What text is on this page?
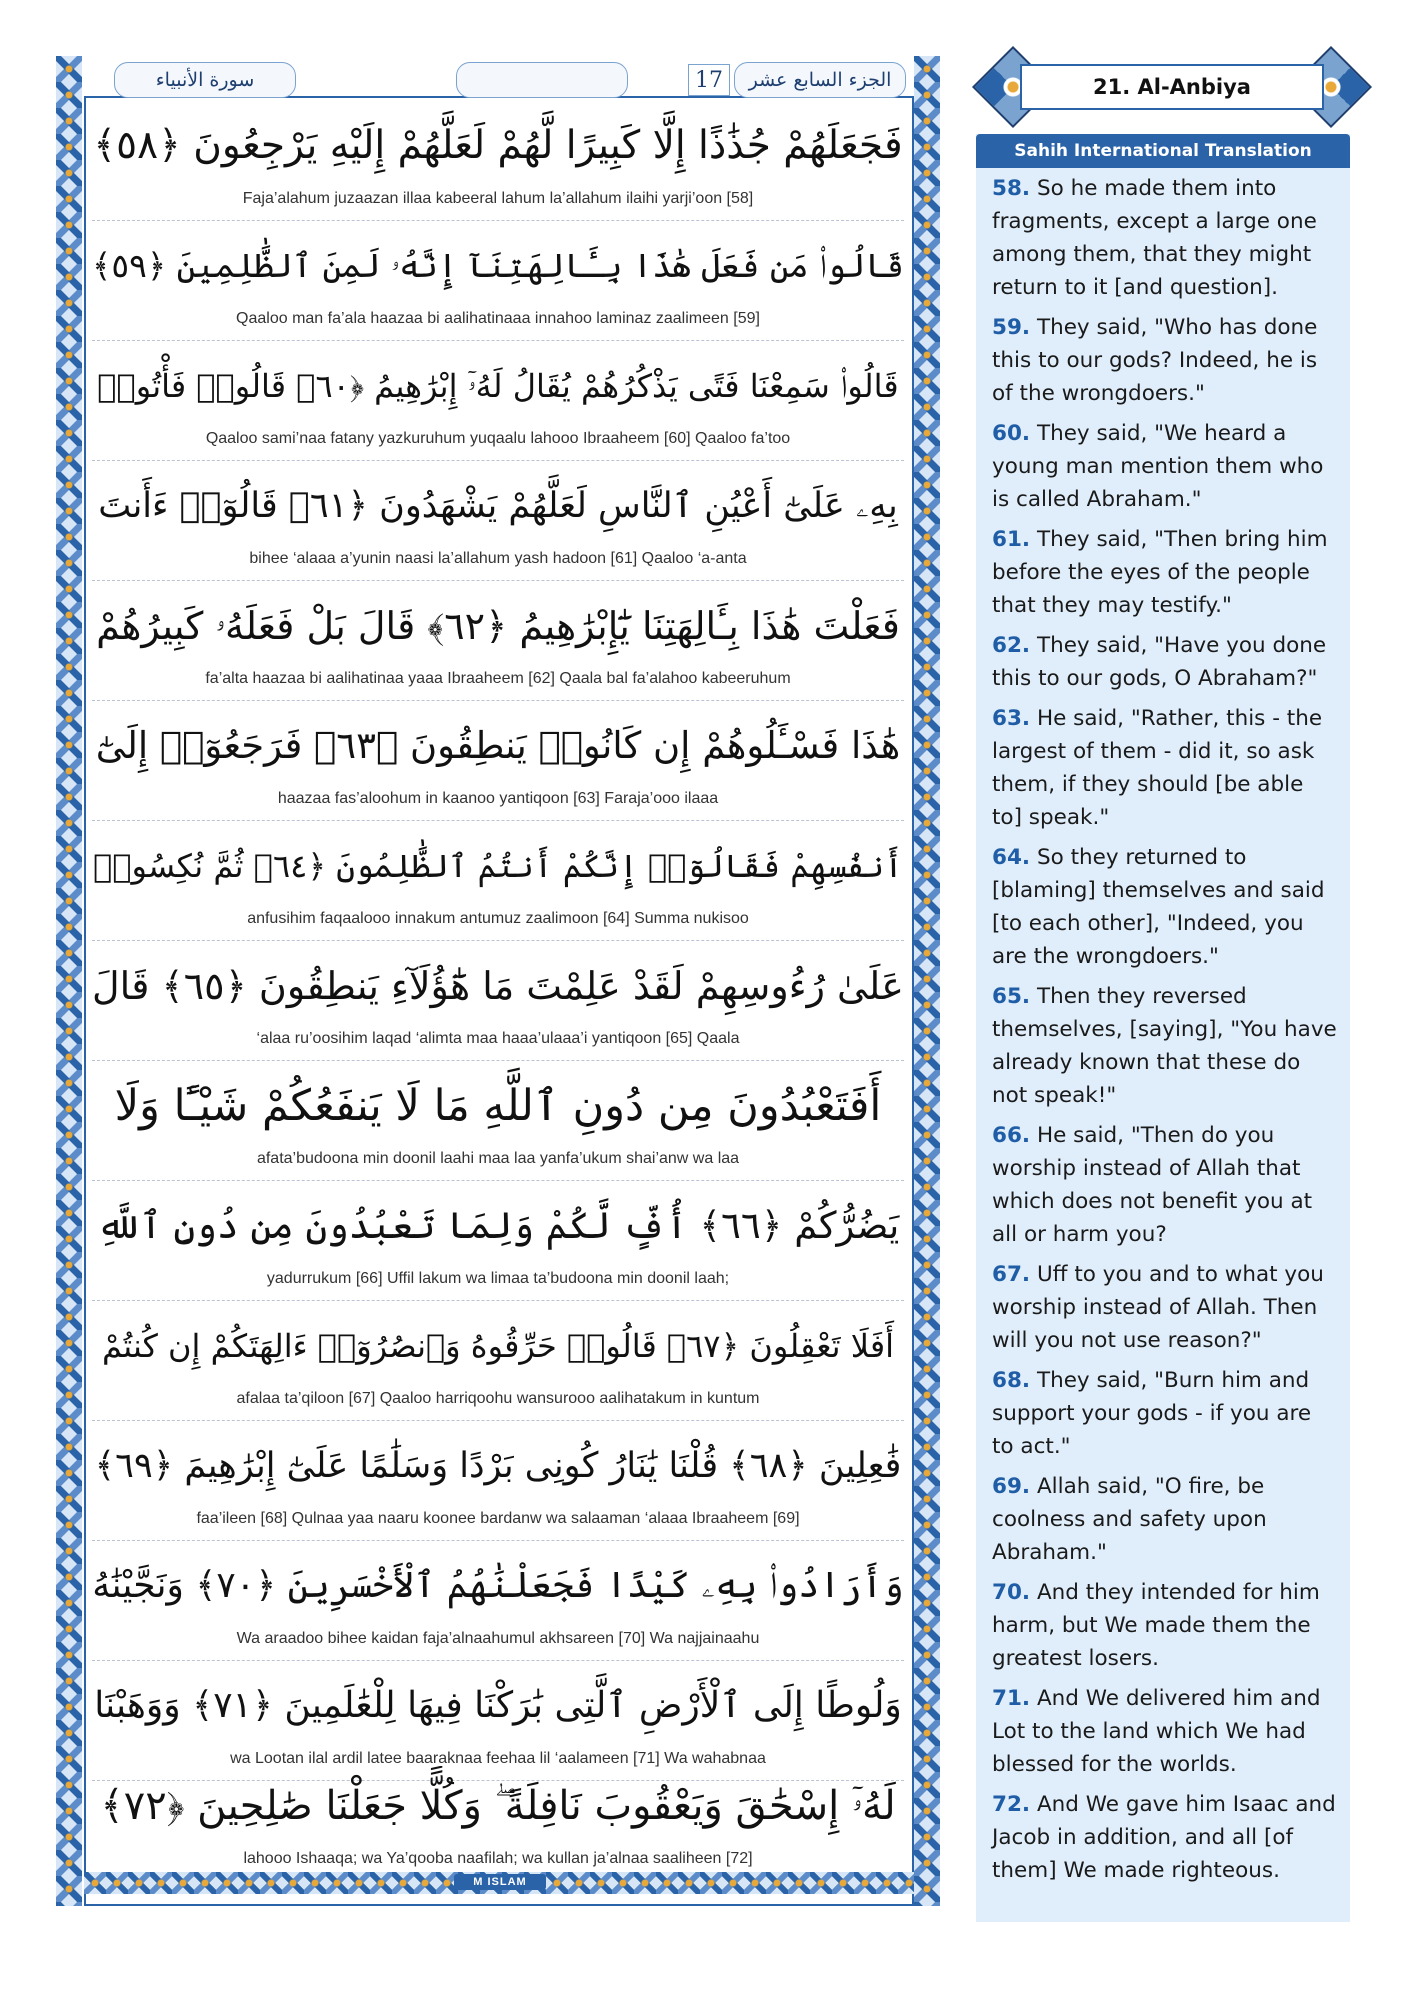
سورة الأنبياء	17	الجزء السابع عشر
فَجَعَلَهُمْ جُذَٰذًا إِلَّا كَبِيرًا لَّهُمْ لَعَلَّهُمْ إِلَيْهِ يَرْجِعُونَ ﴿٥٨﴾
Faja’alahum juzaazan illaa kabeeral lahum la’allahum ilaihi yarji’oon [58]
قَالُوا۟ مَن فَعَلَ هَٰذَا بِـَٔالِهَتِنَآ إِنَّهُۥ لَمِنَ ٱلظَّٰلِمِينَ ﴿٥٩﴾
Qaaloo man fa’ala haazaa bi aalihatinaaa innahoo laminaz zaalimeen [59]
قَالُوا۟ سَمِعْنَا فَتًى يَذْكُرُهُمْ يُقَالُ لَهُۥٓ إِبْرَٰهِيمُ ﴿٦٠﴾ قَالُوا۟ فَأْتُوا۟
Qaaloo sami’naa fatany yazkuruhum yuqaalu lahooo Ibraaheem [60] Qaaloo fa’too
بِهِۦ عَلَىٰٓ أَعْيُنِ ٱلنَّاسِ لَعَلَّهُمْ يَشْهَدُونَ ﴿٦١﴾ قَالُوٓا۟ ءَأَنتَ
bihee ‘alaaa a’yunin naasi la’allahum yash hadoon [61] Qaaloo ‘a-anta
فَعَلْتَ هَٰذَا بِـَٔالِهَتِنَا يَٰٓإِبْرَٰهِيمُ ﴿٦٢﴾ قَالَ بَلْ فَعَلَهُۥ كَبِيرُهُمْ
fa’alta haazaa bi aalihatinaa yaaa Ibraaheem [62] Qaala bal fa’alahoo kabeeruhum
هَٰذَا فَسْـَٔلُوهُمْ إِن كَانُوا۟ يَنطِقُونَ ﴿٦٣﴾ فَرَجَعُوٓا۟ إِلَىٰٓ
haazaa fas’aloohum in kaanoo yantiqoon [63] Faraja’ooo ilaaa
أَنفُسِهِمْ فَقَالُوٓا۟ إِنَّكُمْ أَنتُمُ ٱلظَّٰلِمُونَ ﴿٦٤﴾ ثُمَّ نُكِسُوا۟
anfusihim faqaalooo innakum antumuz zaalimoon [64] Summa nukisoo
عَلَىٰ رُءُوسِهِمْ لَقَدْ عَلِمْتَ مَا هَٰٓؤُلَآءِ يَنطِقُونَ ﴿٦٥﴾ قَالَ
‘alaa ru’oosihim laqad ‘alimta maa haaa’ulaaa’i yantiqoon [65] Qaala
أَفَتَعْبُدُونَ مِن دُونِ ٱللَّهِ مَا لَا يَنفَعُكُمْ شَيْـًٔا وَلَا
afata’budoona min doonil laahi maa laa yanfa’ukum shai’anw wa laa
يَضُرُّكُمْ ﴿٦٦﴾ أُفٍّ لَّكُمْ وَلِمَا تَعْبُدُونَ مِن دُونِ ٱللَّهِ
yadurrukum [66] Uffil lakum wa limaa ta’budoona min doonil laah;
أَفَلَا تَعْقِلُونَ ﴿٦٧﴾ قَالُوا۟ حَرِّقُوهُ وَٱنصُرُوٓا۟ ءَالِهَتَكُمْ إِن كُنتُمْ
afalaa ta’qiloon [67] Qaaloo harriqoohu wansurooo aalihatakum in kuntum
فَٰعِلِينَ ﴿٦٨﴾ قُلْنَا يَٰنَارُ كُونِى بَرْدًا وَسَلَٰمًا عَلَىٰٓ إِبْرَٰهِيمَ ﴿٦٩﴾
faa’ileen [68] Qulnaa yaa naaru koonee bardanw wa salaaman ‘alaaa Ibraaheem [69]
وَأَرَادُوا۟ بِهِۦ كَيْدًا فَجَعَلْنَٰهُمُ ٱلْأَخْسَرِينَ ﴿٧٠﴾ وَنَجَّيْنَٰهُ
Wa araadoo bihee kaidan faja’alnaahumul akhsareen [70] Wa najjainaahu
وَلُوطًا إِلَى ٱلْأَرْضِ ٱلَّتِى بَٰرَكْنَا فِيهَا لِلْعَٰلَمِينَ ﴿٧١﴾ وَوَهَبْنَا
wa Lootan ilal ardil latee baaraknaa feehaa lil ‘aalameen [71] Wa wahabnaa
لَهُۥٓ إِسْحَٰقَ وَيَعْقُوبَ نَافِلَةً ۖ وَكُلًّا جَعَلْنَا صَٰلِحِينَ ﴿٧٢﴾
lahooo Ishaaqa; wa Ya’qooba naafilah; wa kullan ja’alnaa saaliheen [72]
M ISLAM
21. Al-Anbiya
Sahih International Translation
58. So he made them into fragments, except a large one among them, that they might return to it [and question].
59. They said, "Who has done this to our gods? Indeed, he is of the wrongdoers."
60. They said, "We heard a young man mention them who is called Abraham."
61. They said, "Then bring him before the eyes of the people that they may testify."
62. They said, "Have you done this to our gods, O Abraham?"
63. He said, "Rather, this - the largest of them - did it, so ask them, if they should [be able to] speak."
64. So they returned to [blaming] themselves and said [to each other], "Indeed, you are the wrongdoers."
65. Then they reversed themselves, [saying], "You have already known that these do not speak!"
66. He said, "Then do you worship instead of Allah that which does not benefit you at all or harm you?
67. Uff to you and to what you worship instead of Allah. Then will you not use reason?"
68. They said, "Burn him and support your gods - if you are to act."
69. Allah said, "O fire, be coolness and safety upon Abraham."
70. And they intended for him harm, but We made them the greatest losers.
71. And We delivered him and Lot to the land which We had blessed for the worlds.
72. And We gave him Isaac and Jacob in addition, and all [of them] We made righteous.
